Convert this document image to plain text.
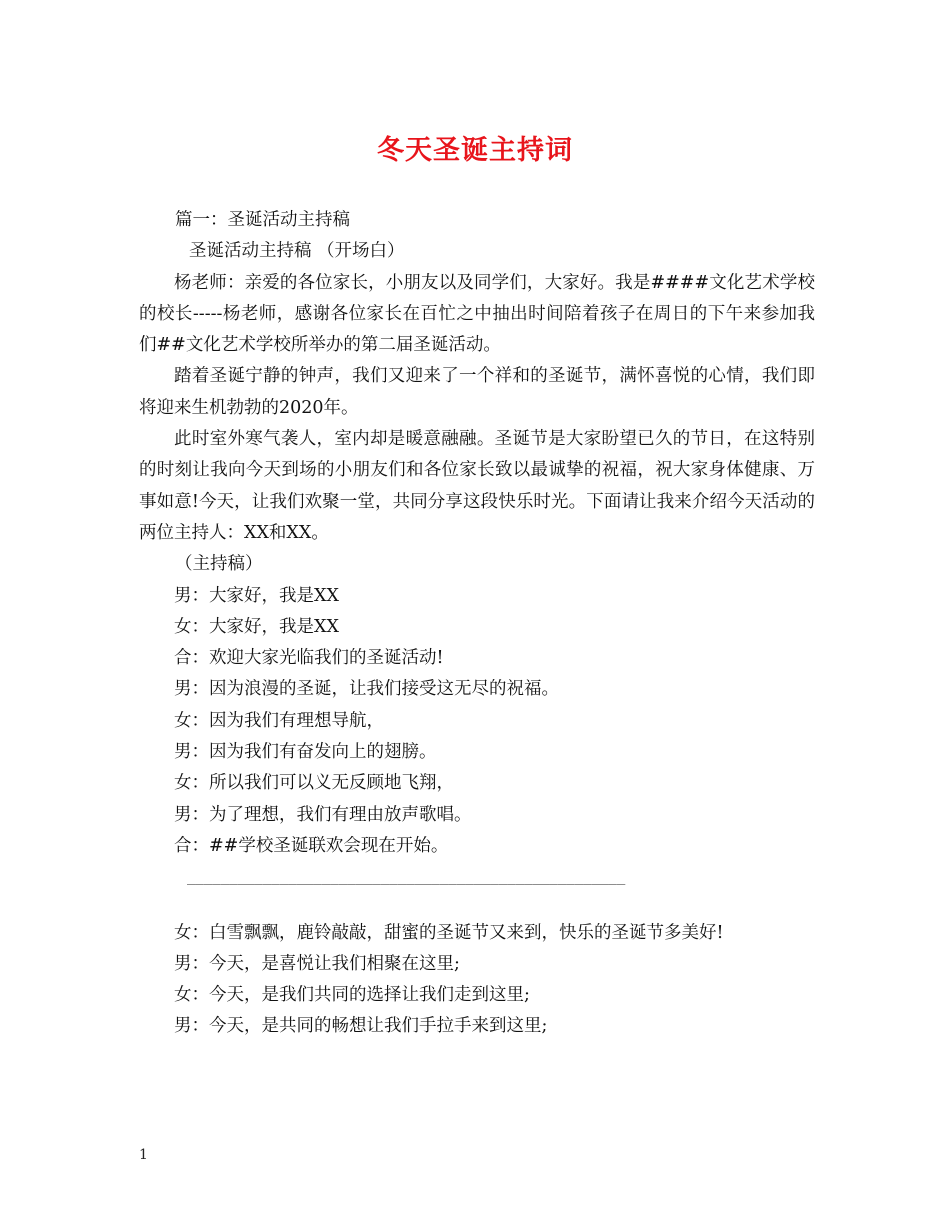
冬天圣诞主持词

篇一：圣诞活动主持稿

圣诞活动主持稿 （开场白）

杨老师：亲爱的各位家长，小朋友以及同学们，大家好。我是####文化艺术学校的校长-----杨老师，感谢各位家长在百忙之中抽出时间陪着孩子在周日的下午来参加我们##文化艺术学校所举办的第二届圣诞活动。

踏着圣诞宁静的钟声，我们又迎来了一个祥和的圣诞节，满怀喜悦的心情，我们即将迎来生机勃勃的2020年。

此时室外寒气袭人，室内却是暖意融融。圣诞节是大家盼望已久的节日，在这特别的时刻让我向今天到场的小朋友们和各位家长致以最诚挚的祝福，祝大家身体健康、万事如意!今天，让我们欢聚一堂，共同分享这段快乐时光。下面请让我来介绍今天活动的两位主持人：XX和XX。

（主持稿）

男：大家好，我是XX

女：大家好，我是XX

合：欢迎大家光临我们的圣诞活动!

男：因为浪漫的圣诞，让我们接受这无尽的祝福。

女：因为我们有理想导航，

男：因为我们有奋发向上的翅膀。

女：所以我们可以义无反顾地飞翔，

男：为了理想，我们有理由放声歌唱。

合：##学校圣诞联欢会现在开始。

____________________________________________________

女：白雪飘飘，鹿铃敲敲，甜蜜的圣诞节又来到，快乐的圣诞节多美好!

男：今天，是喜悦让我们相聚在这里;

女：今天，是我们共同的选择让我们走到这里;

男：今天，是共同的畅想让我们手拉手来到这里;

1
